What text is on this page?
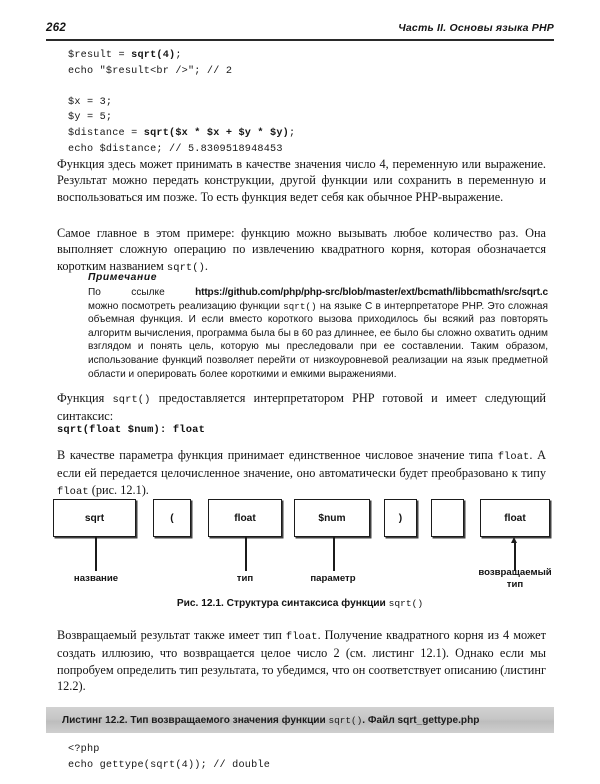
262	Часть II. Основы языка PHP
$result = sqrt(4);
echo "$result<br />"; // 2

$x = 3;
$y = 5;
$distance = sqrt($x * $x + $y * $y);
echo $distance; // 5.8309518948453
Функция здесь может принимать в качестве значения число 4, переменную или выражение. Результат можно передать конструкции, другой функции или сохранить в переменную и воспользоваться им позже. То есть функция ведет себя как обычное PHP-выражение.
Самое главное в этом примере: функцию можно вызывать любое количество раз. Она выполняет сложную операцию по извлечению квадратного корня, которая обозначается коротким названием sqrt().
Примечание
По	ссылке	https://github.com/php/php-src/blob/master/ext/bcmath/libbcmath/src/sqrt.c
можно посмотреть реализацию функции sqrt() на языке C в интерпретаторе PHP. Это сложная объемная функция. И если вместо короткого вызова приходилось бы всякий раз повторять алгоритм вычисления, программа была бы в 60 раз длиннее, ее было бы сложно охватить одним взглядом и понять цель, которую мы преследовали при ее составлении. Таким образом, использование функций позволяет перейти от низкоуровневой реализации на язык предметной области и оперировать более короткими и емкими выражениями.
Функция sqrt() предоставляется интерпретатором PHP готовой и имеет следующий синтаксис:
sqrt(float $num): float
В качестве параметра функция принимает единственное числовое значение типа float. А если ей передается целочисленное значение, оно автоматически будет преобразовано к типу float (рис. 12.1).
sqrt	(	float	$num	)	float
название	тип	параметр
возвращаемый
тип
Рис. 12.1. Структура синтаксиса функции sqrt()
Возвращаемый результат также имеет тип float. Получение квадратного корня из 4 может создать иллюзию, что возвращается целое число 2 (см. листинг 12.1). Однако если мы попробуем определить тип результата, то убедимся, что он соответствует описанию (листинг 12.2).
Листинг 12.2. Тип возвращаемого значения функции sqrt(). Файл sqrt_gettype.php
<?php
echo gettype(sqrt(4)); // double
